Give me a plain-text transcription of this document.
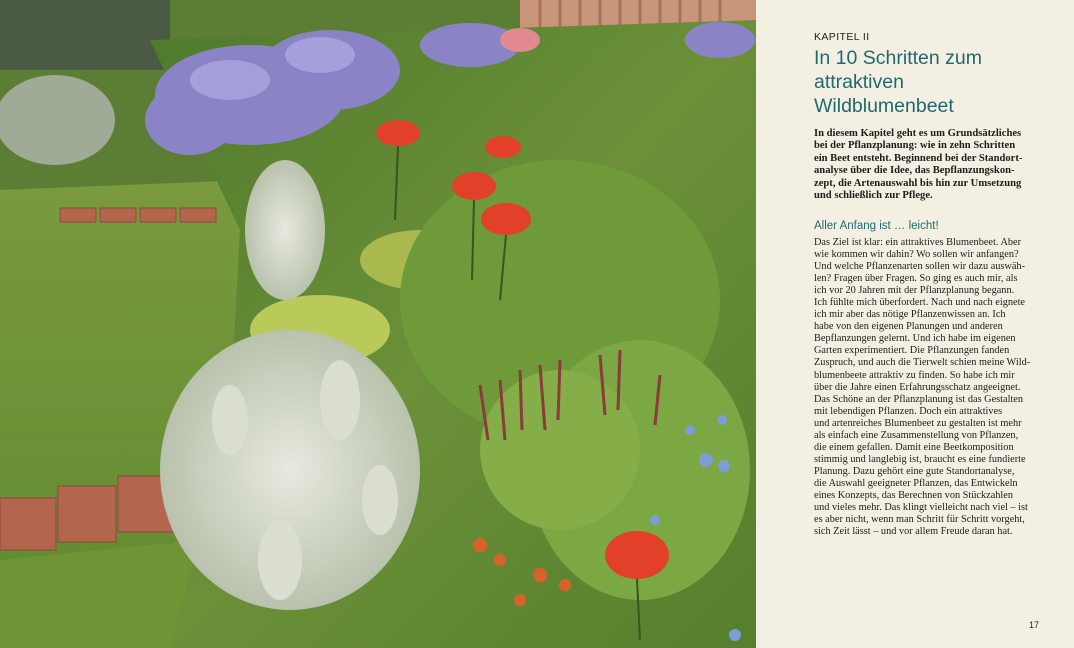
KAPITEL II
In 10 Schritten zum
attraktiven
Wildblumenbeet
In diesem Kapitel geht es um Grundsätzliches
bei der Pflanzplanung: wie in zehn Schritten
ein Beet entsteht. Beginnend bei der Standort-
analyse über die Idee, das Bepflanzungskon-
zept, die Artenauswahl bis hin zur Umsetzung
und schließlich zur Pflege.
Aller Anfang ist … leicht!
Das Ziel ist klar: ein attraktives Blumenbeet. Aber
wie kommen wir dahin? Wo sollen wir anfangen?
Und welche Pflanzenarten sollen wir dazu auswäh-
len? Fragen über Fragen. So ging es auch mir, als
ich vor 20 Jahren mit der Pflanzplanung begann.
Ich fühlte mich überfordert. Nach und nach eignete
ich mir aber das nötige Pflanzenwissen an. Ich
habe von den eigenen Planungen und anderen
Bepflanzungen gelernt. Und ich habe im eigenen
Garten experimentiert. Die Pflanzungen fanden
Zuspruch, und auch die Tierwelt schien meine Wild-
blumenbeete attraktiv zu finden. So habe ich mir
über die Jahre einen Erfahrungsschatz angeeignet.
Das Schöne an der Pflanzplanung ist das Gestalten
mit lebendigen Pflanzen. Doch ein attraktives
und artenreiches Blumenbeet zu gestalten ist mehr
als einfach eine Zusammenstellung von Pflanzen,
die einem gefallen. Damit eine Beetkomposition
stimmig und langlebig ist, braucht es eine fundierte
Planung. Dazu gehört eine gute Standortanalyse,
die Auswahl geeigneter Pflanzen, das Entwickeln
eines Konzepts, das Berechnen von Stückzahlen
und vieles mehr. Das klingt vielleicht nach viel – ist
es aber nicht, wenn man Schritt für Schritt vorgeht,
sich Zeit lässt – und vor allem Freude daran hat.
17
